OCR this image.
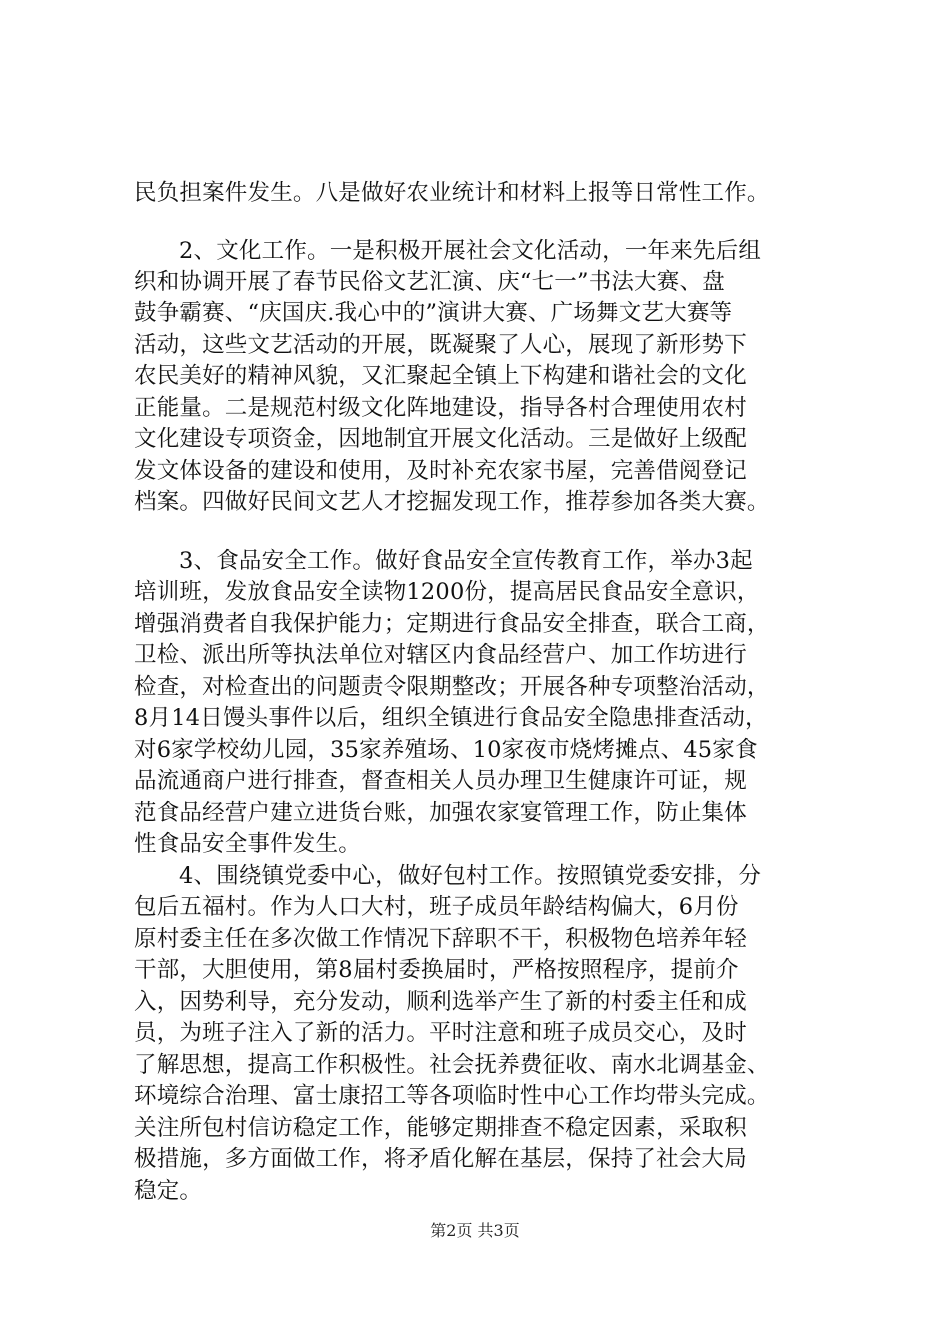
民负担案件发生。八是做好农业统计和材料上报等日常性工作。
2、文化工作。一是积极开展社会文化活动，一年来先后组
织和协调开展了春节民俗文艺汇演、庆“七一”书法大赛、盘
鼓争霸赛、“庆国庆.我心中的”演讲大赛、广场舞文艺大赛等
活动，这些文艺活动的开展，既凝聚了人心，展现了新形势下
农民美好的精神风貌，又汇聚起全镇上下构建和谐社会的文化
正能量。二是规范村级文化阵地建设，指导各村合理使用农村
文化建设专项资金，因地制宜开展文化活动。三是做好上级配
发文体设备的建设和使用，及时补充农家书屋，完善借阅登记
档案。四做好民间文艺人才挖掘发现工作，推荐参加各类大赛。
3、食品安全工作。做好食品安全宣传教育工作，举办3起
培训班，发放食品安全读物1200份，提高居民食品安全意识，
增强消费者自我保护能力；定期进行食品安全排查，联合工商，
卫检、派出所等执法单位对辖区内食品经营户、加工作坊进行
检查，对检查出的问题责令限期整改；开展各种专项整治活动，
8月14日馒头事件以后，组织全镇进行食品安全隐患排查活动，
对6家学校幼儿园，35家养殖场、10家夜市烧烤摊点、45家食
品流通商户进行排查，督查相关人员办理卫生健康许可证，规
范食品经营户建立进货台账，加强农家宴管理工作，防止集体
性食品安全事件发生。
4、围绕镇党委中心，做好包村工作。按照镇党委安排，分
包后五福村。作为人口大村，班子成员年龄结构偏大，6月份
原村委主任在多次做工作情况下辞职不干，积极物色培养年轻
干部，大胆使用，第8届村委换届时，严格按照程序，提前介
入，因势利导，充分发动，顺利选举产生了新的村委主任和成
员，为班子注入了新的活力。平时注意和班子成员交心，及时
了解思想，提高工作积极性。社会抚养费征收、南水北调基金、
环境综合治理、富士康招工等各项临时性中心工作均带头完成。
关注所包村信访稳定工作，能够定期排查不稳定因素，采取积
极措施，多方面做工作，将矛盾化解在基层，保持了社会大局
稳定。
第2页 共3页
